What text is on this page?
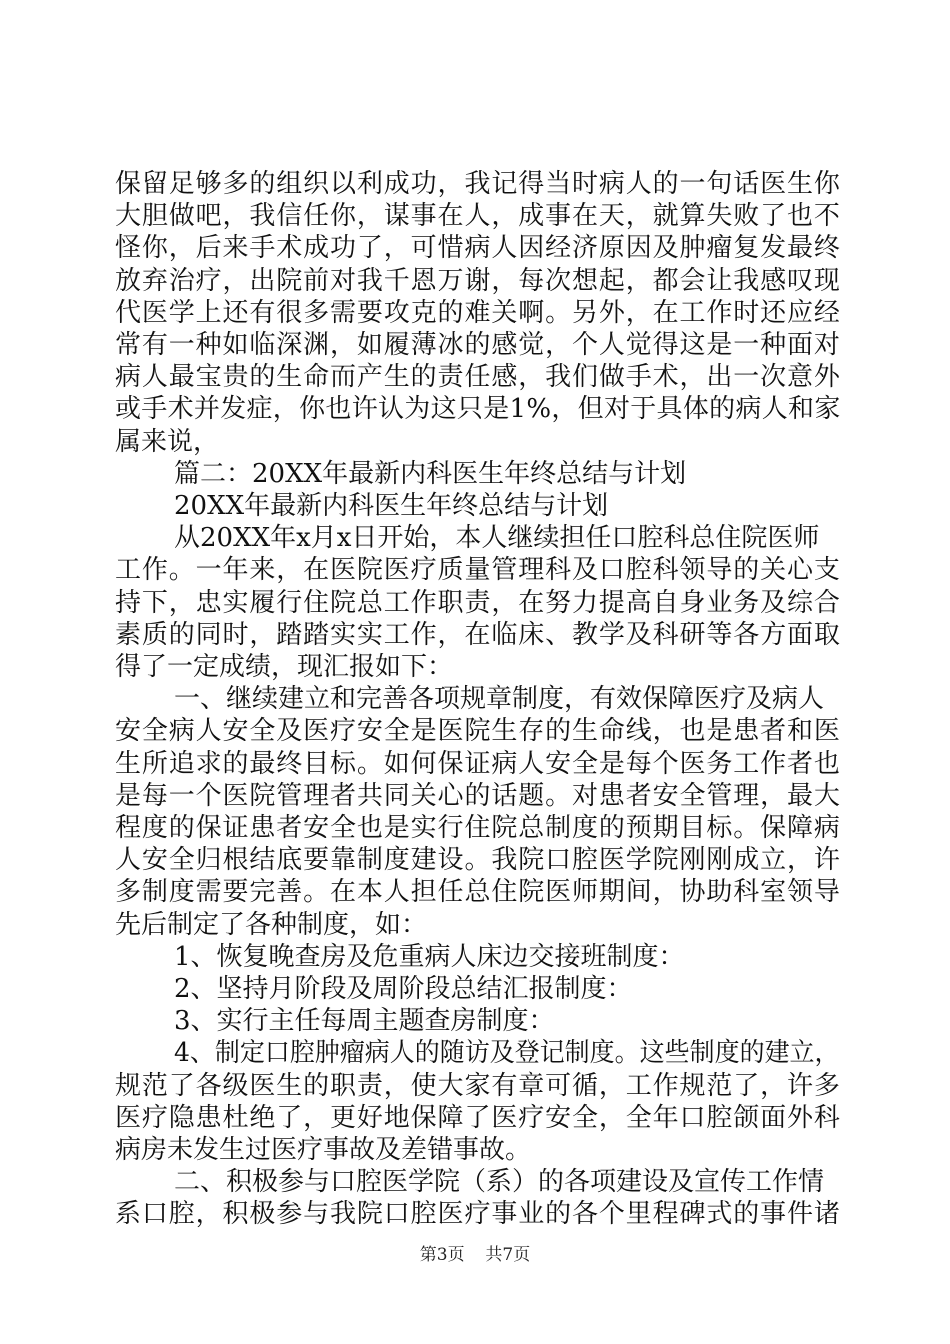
保留足够多的组织以利成功，我记得当时病人的一句话医生你
大胆做吧，我信任你，谋事在人，成事在天，就算失败了也不
怪你，后来手术成功了，可惜病人因经济原因及肿瘤复发最终
放弃治疗，出院前对我千恩万谢，每次想起，都会让我感叹现
代医学上还有很多需要攻克的难关啊。另外，在工作时还应经
常有一种如临深渊，如履薄冰的感觉，个人觉得这是一种面对
病人最宝贵的生命而产生的责任感，我们做手术，出一次意外
或手术并发症，你也许认为这只是1%，但对于具体的病人和家
属来说，
篇二：20XX年最新内科医生年终总结与计划
20XX年最新内科医生年终总结与计划
从20XX年x月x日开始，本人继续担任口腔科总住院医师
工作。一年来，在医院医疗质量管理科及口腔科领导的关心支
持下，忠实履行住院总工作职责，在努力提高自身业务及综合
素质的同时，踏踏实实工作，在临床、教学及科研等各方面取
得了一定成绩，现汇报如下：
一、继续建立和完善各项规章制度，有效保障医疗及病人
安全病人安全及医疗安全是医院生存的生命线，也是患者和医
生所追求的最终目标。如何保证病人安全是每个医务工作者也
是每一个医院管理者共同关心的话题。对患者安全管理，最大
程度的保证患者安全也是实行住院总制度的预期目标。保障病
人安全归根结底要靠制度建设。我院口腔医学院刚刚成立，许
多制度需要完善。在本人担任总住院医师期间，协助科室领导
先后制定了各种制度，如：
1、恢复晚查房及危重病人床边交接班制度：
2、坚持月阶段及周阶段总结汇报制度：
3、实行主任每周主题查房制度：
4、制定口腔肿瘤病人的随访及登记制度。这些制度的建立，
规范了各级医生的职责，使大家有章可循，工作规范了，许多
医疗隐患杜绝了，更好地保障了医疗安全，全年口腔颌面外科
病房未发生过医疗事故及差错事故。
二、积极参与口腔医学院（系）的各项建设及宣传工作情
系口腔，积极参与我院口腔医疗事业的各个里程碑式的事件诸
第3页 共7页
